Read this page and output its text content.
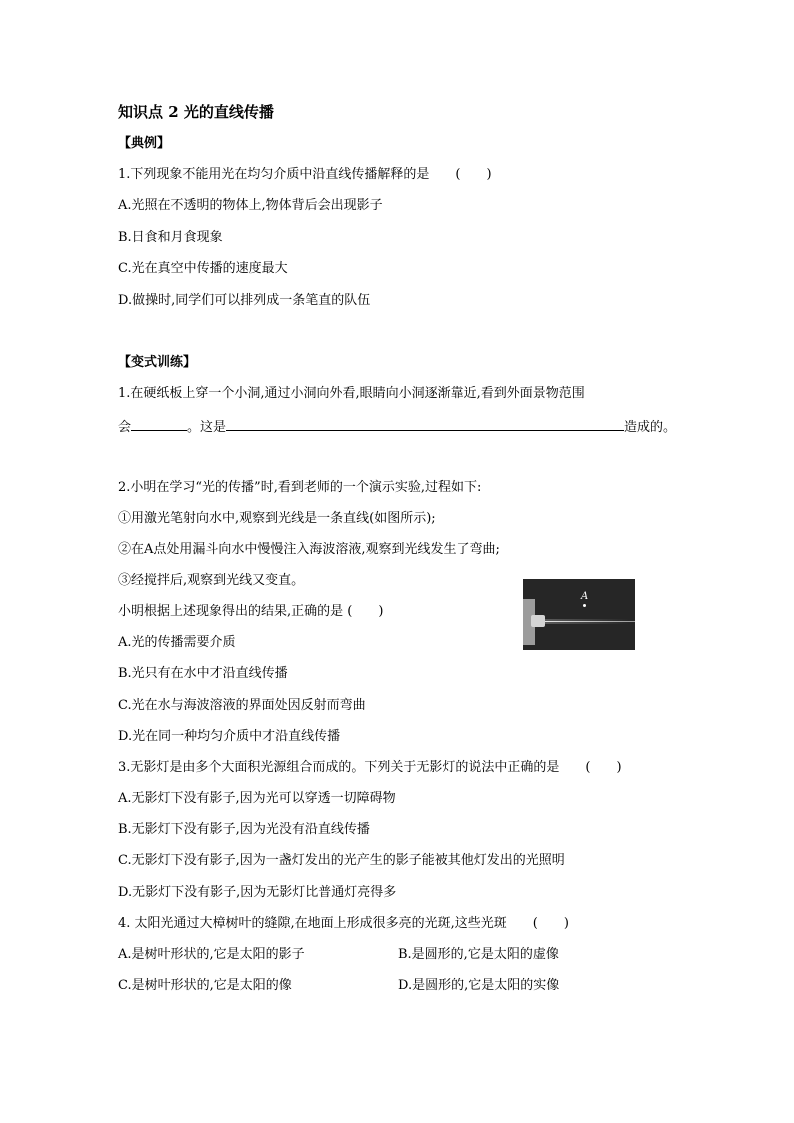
知识点 2 光的直线传播
【典例】
1.下列现象不能用光在均匀介质中沿直线传播解释的是　　(　　)
A.光照在不透明的物体上,物体背后会出现影子
B.日食和月食现象
C.光在真空中传播的速度最大
D.做操时,同学们可以排列成一条笔直的队伍
【变式训练】
1.在硬纸板上穿一个小洞,通过小洞向外看,眼睛向小洞逐渐靠近,看到外面景物范围
会	。这是	造成的。
2.小明在学习“光的传播”时,看到老师的一个演示实验,过程如下:
①用激光笔射向水中,观察到光线是一条直线(如图所示);
②在A点处用漏斗向水中慢慢注入海波溶液,观察到光线发生了弯曲;
③经搅拌后,观察到光线又变直。
小明根据上述现象得出的结果,正确的是 (　　)
A
A.光的传播需要介质
B.光只有在水中才沿直线传播
C.光在水与海波溶液的界面处因反射而弯曲
D.光在同一种均匀介质中才沿直线传播
3.无影灯是由多个大面积光源组合而成的。下列关于无影灯的说法中正确的是　　(　　)
A.无影灯下没有影子,因为光可以穿透一切障碍物
B.无影灯下没有影子,因为光没有沿直线传播
C.无影灯下没有影子,因为一盏灯发出的光产生的影子能被其他灯发出的光照明
D.无影灯下没有影子,因为无影灯比普通灯亮得多
4. 太阳光通过大樟树叶的缝隙,在地面上形成很多亮的光斑,这些光斑　　(　　)
A.是树叶形状的,它是太阳的影子	B.是圆形的,它是太阳的虚像
C.是树叶形状的,它是太阳的像	D.是圆形的,它是太阳的实像
